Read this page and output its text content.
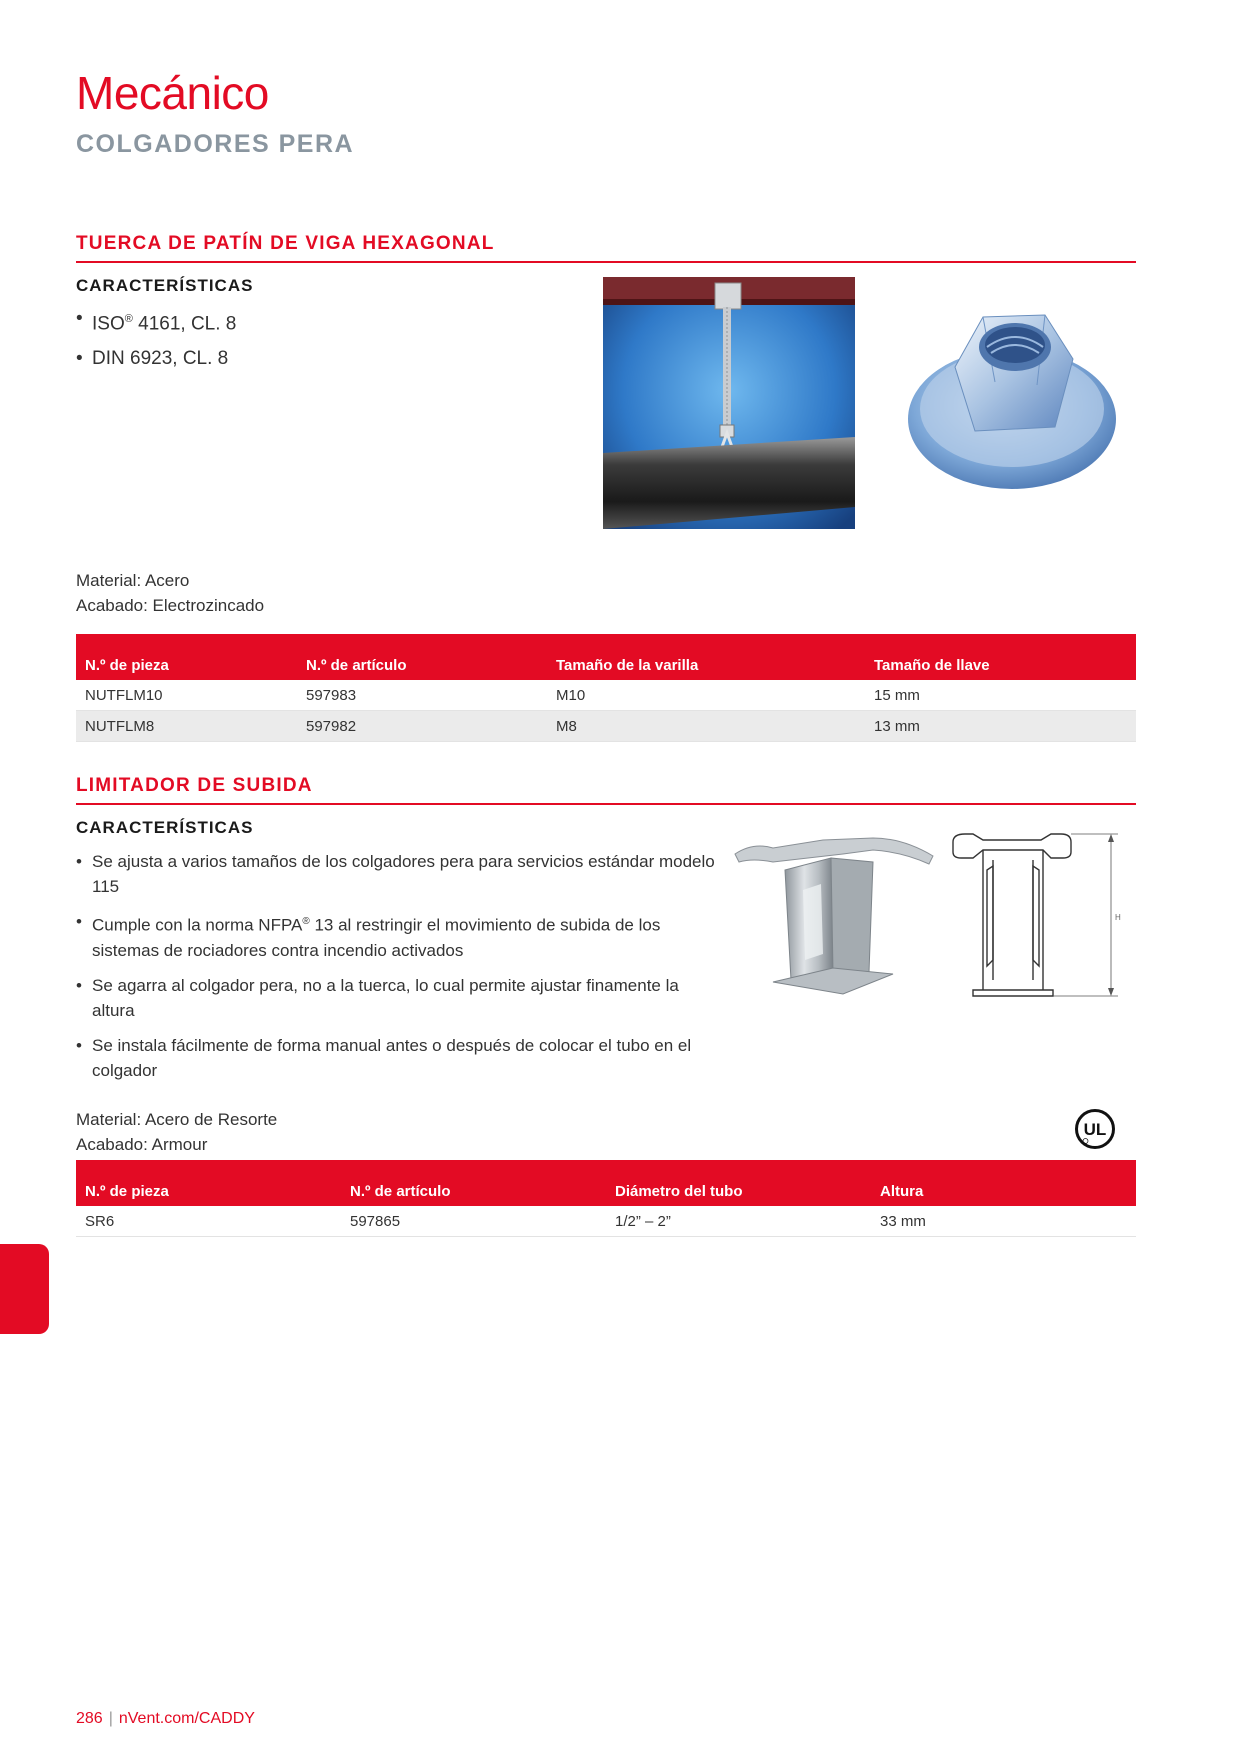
Mecánico
COLGADORES PERA
TUERCA DE PATÍN DE VIGA HEXAGONAL
CARACTERÍSTICAS
• ISO® 4161, CL. 8
• DIN 6923, CL. 8
Material: Acero
Acabado: Electrozincado
N.º de pieza	N.º de artículo	Tamaño de la varilla	Tamaño de llave
NUTFLM10	597983	M10	15 mm
NUTFLM8	597982	M8	13 mm
LIMITADOR DE SUBIDA
CARACTERÍSTICAS
• Se ajusta a varios tamaños de los colgadores pera para servicios estándar modelo 115
• Cumple con la norma NFPA® 13 al restringir el movimiento de subida de los sistemas de rociadores contra incendio activados
• Se agarra al colgador pera, no a la tuerca, lo cual permite ajustar finamente la altura
• Se instala fácilmente de forma manual antes o después de colocar el tubo en el colgador
H
Material: Acero de Resorte
Acabado: Armour
UL
N.º de pieza	N.º de artículo	Diámetro del tubo	Altura
SR6	597865	1/2” – 2”	33 mm
286 | nVent.com/CADDY
